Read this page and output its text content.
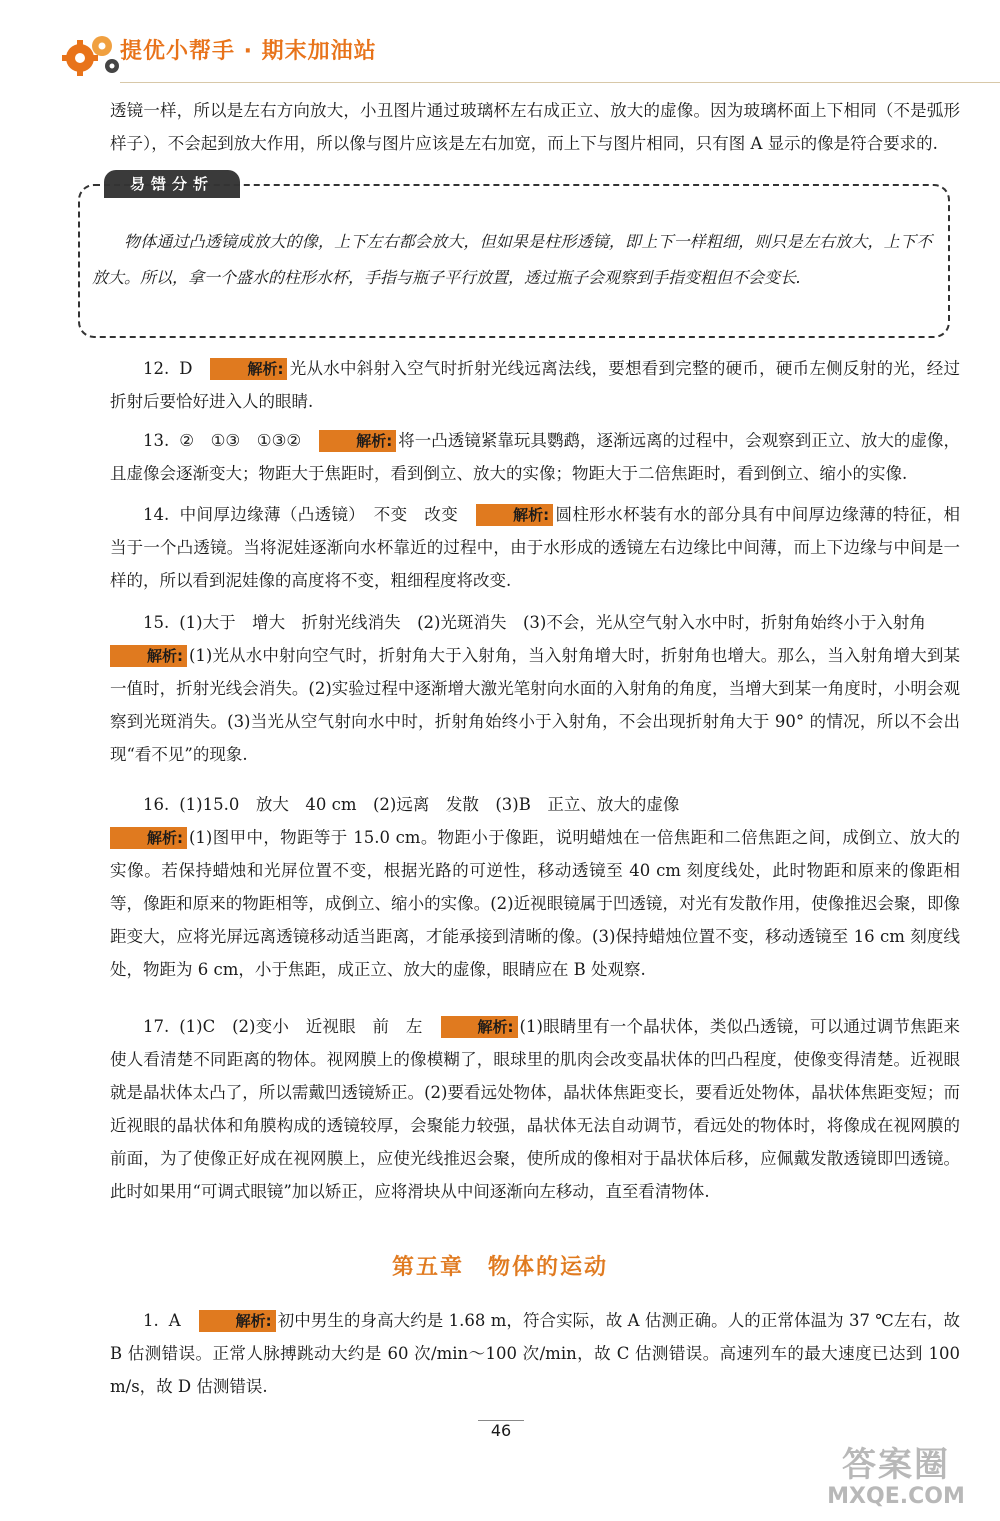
提优小帮手 · 期末加油站

透镜一样，所以是左右方向放大，小丑图片通过玻璃杯左右成正立、放大的虚像。因为玻璃杯面上下相同（不是弧形样子），不会起到放大作用，所以像与图片应该是左右加宽，而上下与图片相同，只有图 A 显示的像是符合要求的.

易错分析

物体通过凸透镜成放大的像，上下左右都会放大，但如果是柱形透镜，即上下一样粗细，则只是左右放大，上下不放大。所以，拿一个盛水的柱形水杯，手指与瓶子平行放置，透过瓶子会观察到手指变粗但不会变长.

12. D	解析: 光从水中斜射入空气时折射光线远离法线，要想看到完整的硬币，硬币左侧反射的光，经过折射后要恰好进入人的眼睛.

13. ②　①③　①③②	解析: 将一凸透镜紧靠玩具鹦鹉，逐渐远离的过程中，会观察到正立、放大的虚像，且虚像会逐渐变大；物距大于焦距时，看到倒立、放大的实像；物距大于二倍焦距时，看到倒立、缩小的实像.

14. 中间厚边缘薄（凸透镜）　不变　改变	解析: 圆柱形水杯装有水的部分具有中间厚边缘薄的特征，相当于一个凸透镜。当将泥娃逐渐向水杯靠近的过程中，由于水形成的透镜左右边缘比中间薄，而上下边缘与中间是一样的，所以看到泥娃像的高度将不变，粗细程度将改变.

15. (1)大于　增大　折射光线消失　(2)光斑消失　(3)不会，光从空气射入水中时，折射角始终小于入射角
解析: (1)光从水中射向空气时，折射角大于入射角，当入射角增大时，折射角也增大。那么，当入射角增大到某一值时，折射光线会消失。(2)实验过程中逐渐增大激光笔射向水面的入射角的角度，当增大到某一角度时，小明会观察到光斑消失。(3)当光从空气射向水中时，折射角始终小于入射角，不会出现折射角大于 90° 的情况，所以不会出现“看不见”的现象.

16. (1)15.0　放大　40 cm　(2)远离　发散　(3)B　正立、放大的虚像
解析: (1)图甲中，物距等于 15.0 cm。物距小于像距，说明蜡烛在一倍焦距和二倍焦距之间，成倒立、放大的实像。若保持蜡烛和光屏位置不变，根据光路的可逆性，移动透镜至 40 cm 刻度线处，此时物距和原来的像距相等，像距和原来的物距相等，成倒立、缩小的实像。(2)近视眼镜属于凹透镜，对光有发散作用，使像推迟会聚，即像距变大，应将光屏远离透镜移动适当距离，才能承接到清晰的像。(3)保持蜡烛位置不变，移动透镜至 16 cm 刻度线处，物距为 6 cm，小于焦距，成正立、放大的虚像，眼睛应在 B 处观察.

17. (1)C　(2)变小　近视眼　前　左	解析: (1)眼睛里有一个晶状体，类似凸透镜，可以通过调节焦距来使人看清楚不同距离的物体。视网膜上的像模糊了，眼球里的肌肉会改变晶状体的凹凸程度，使像变得清楚。近视眼就是晶状体太凸了，所以需戴凹透镜矫正。(2)要看远处物体，晶状体焦距变长，要看近处物体，晶状体焦距变短；而近视眼的晶状体和角膜构成的透镜较厚，会聚能力较强，晶状体无法自动调节，看远处的物体时，将像成在视网膜的前面，为了使像正好成在视网膜上，应使光线推迟会聚，使所成的像相对于晶状体后移，应佩戴发散透镜即凹透镜。此时如果用“可调式眼镜”加以矫正，应将滑块从中间逐渐向左移动，直至看清物体.

第五章　物体的运动

1. A	解析: 初中男生的身高大约是 1.68 m，符合实际，故 A 估测正确。人的正常体温为 37 ℃左右，故 B 估测错误。正常人脉搏跳动大约是 60 次/min～100 次/min，故 C 估测错误。高速列车的最大速度已达到 100 m/s，故 D 估测错误.

46
答案圈
MXQE.COM
